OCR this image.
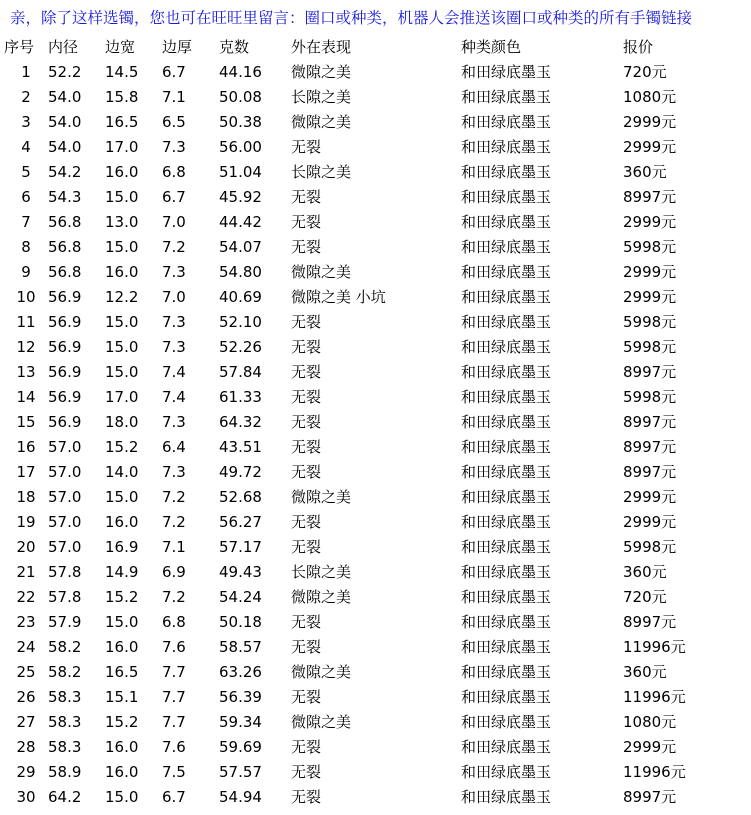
亲，除了这样选镯，您也可在旺旺里留言：圈口或种类，机器人会推送该圈口或种类的所有手镯链接
序号	内径	边宽	边厚	克数	外在表现	种类颜色	报价
1	52.2	14.5	6.7	44.16	微隙之美	和田绿底墨玉	720元
2	54.0	15.8	7.1	50.08	长隙之美	和田绿底墨玉	1080元
3	54.0	16.5	6.5	50.38	微隙之美	和田绿底墨玉	2999元
4	54.0	17.0	7.3	56.00	无裂	和田绿底墨玉	2999元
5	54.2	16.0	6.8	51.04	长隙之美	和田绿底墨玉	360元
6	54.3	15.0	6.7	45.92	无裂	和田绿底墨玉	8997元
7	56.8	13.0	7.0	44.42	无裂	和田绿底墨玉	2999元
8	56.8	15.0	7.2	54.07	无裂	和田绿底墨玉	5998元
9	56.8	16.0	7.3	54.80	微隙之美	和田绿底墨玉	2999元
10	56.9	12.2	7.0	40.69	微隙之美 小坑	和田绿底墨玉	2999元
11	56.9	15.0	7.3	52.10	无裂	和田绿底墨玉	5998元
12	56.9	15.0	7.3	52.26	无裂	和田绿底墨玉	5998元
13	56.9	15.0	7.4	57.84	无裂	和田绿底墨玉	8997元
14	56.9	17.0	7.4	61.33	无裂	和田绿底墨玉	5998元
15	56.9	18.0	7.3	64.32	无裂	和田绿底墨玉	8997元
16	57.0	15.2	6.4	43.51	无裂	和田绿底墨玉	8997元
17	57.0	14.0	7.3	49.72	无裂	和田绿底墨玉	8997元
18	57.0	15.0	7.2	52.68	微隙之美	和田绿底墨玉	2999元
19	57.0	16.0	7.2	56.27	无裂	和田绿底墨玉	2999元
20	57.0	16.9	7.1	57.17	无裂	和田绿底墨玉	5998元
21	57.8	14.9	6.9	49.43	长隙之美	和田绿底墨玉	360元
22	57.8	15.2	7.2	54.24	微隙之美	和田绿底墨玉	720元
23	57.9	15.0	6.8	50.18	无裂	和田绿底墨玉	8997元
24	58.2	16.0	7.6	58.57	无裂	和田绿底墨玉	11996元
25	58.2	16.5	7.7	63.26	微隙之美	和田绿底墨玉	360元
26	58.3	15.1	7.7	56.39	无裂	和田绿底墨玉	11996元
27	58.3	15.2	7.7	59.34	微隙之美	和田绿底墨玉	1080元
28	58.3	16.0	7.6	59.69	无裂	和田绿底墨玉	2999元
29	58.9	16.0	7.5	57.57	无裂	和田绿底墨玉	11996元
30	64.2	15.0	6.7	54.94	无裂	和田绿底墨玉	8997元
